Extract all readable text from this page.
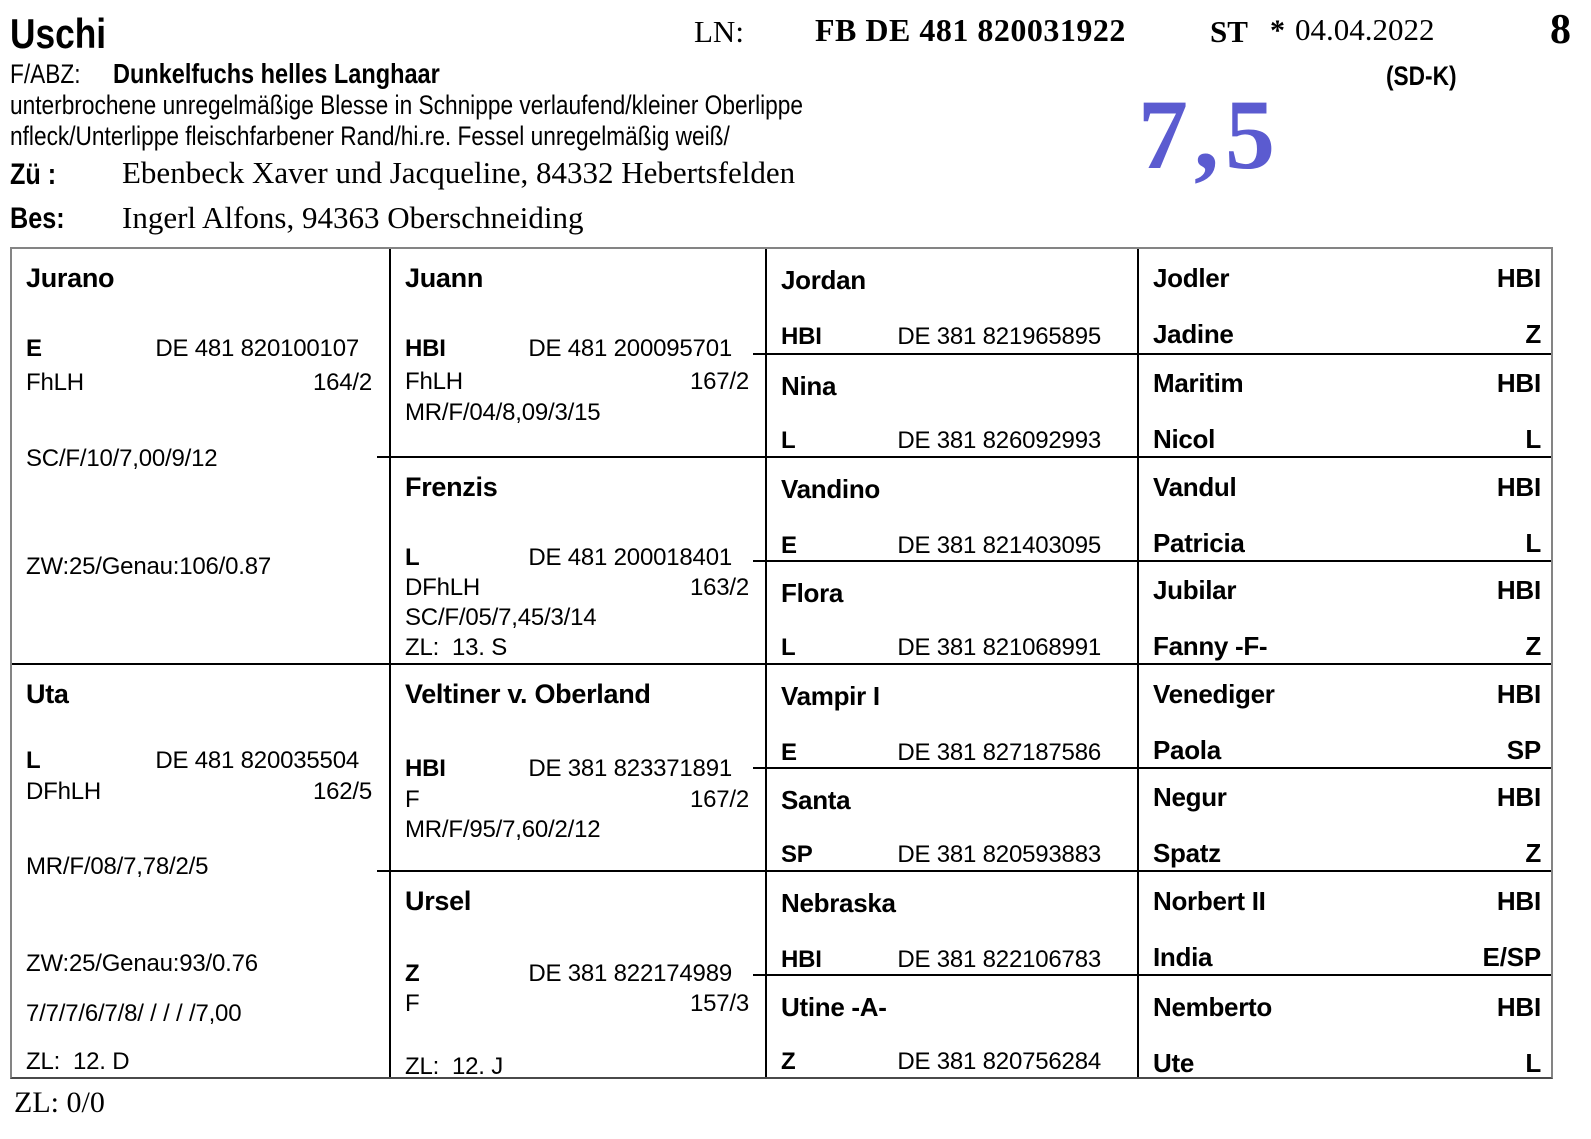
Uschi	LN: FB DE 481 820031922	ST * 04.04.2022	8
F/ABZ: Dunkelfuchs helles Langhaar	(SD-K)
unterbrochene unregelmäßige Blesse in Schnippe verlaufend/kleiner Oberlippe
nfleck/Unterlippe fleischfarbener Rand/hi.re. Fessel unregelmäßig weiß/	7,5
Zü : Ebenbeck Xaver und Jacqueline, 84332 Hebertsfelden
Bes: Ingerl Alfons, 94363 Oberschneiding
Jurano
E	DE 481 820100107
FhLH	164/2
SC/F/10/7,00/9/12
ZW:25/Genau:106/0.87
Uta
L	DE 481 820035504
DFhLH	162/5
MR/F/08/7,78/2/5
ZW:25/Genau:93/0.76
7/7/7/6/7/8/ / / / /7,00
ZL:  12. D
Juann
HBI	DE 481 200095701
FhLH	167/2
MR/F/04/8,09/3/15
Frenzis
L	DE 481 200018401
DFhLH	163/2
SC/F/05/7,45/3/14
ZL:  13. S
Veltiner v. Oberland
HBI	DE 381 823371891
F	167/2
MR/F/95/7,60/2/12
Ursel
Z	DE 381 822174989
F	157/3
ZL:  12. J
Jordan
HBI	DE 381 821965895
Nina
L	DE 381 826092993
Vandino
E	DE 381 821403095
Flora
L	DE 381 821068991
Vampir I
E	DE 381 827187586
Santa
SP	DE 381 820593883
Nebraska
HBI	DE 381 822106783
Utine -A-
Z	DE 381 820756284
Jodler	HBI
Jadine	Z
Maritim	HBI
Nicol	L
Vandul	HBI
Patricia	L
Jubilar	HBI
Fanny -F-	Z
Venediger	HBI
Paola	SP
Negur	HBI
Spatz	Z
Norbert II	HBI
India	E/SP
Nemberto	HBI
Ute	L
ZL: 0/0
